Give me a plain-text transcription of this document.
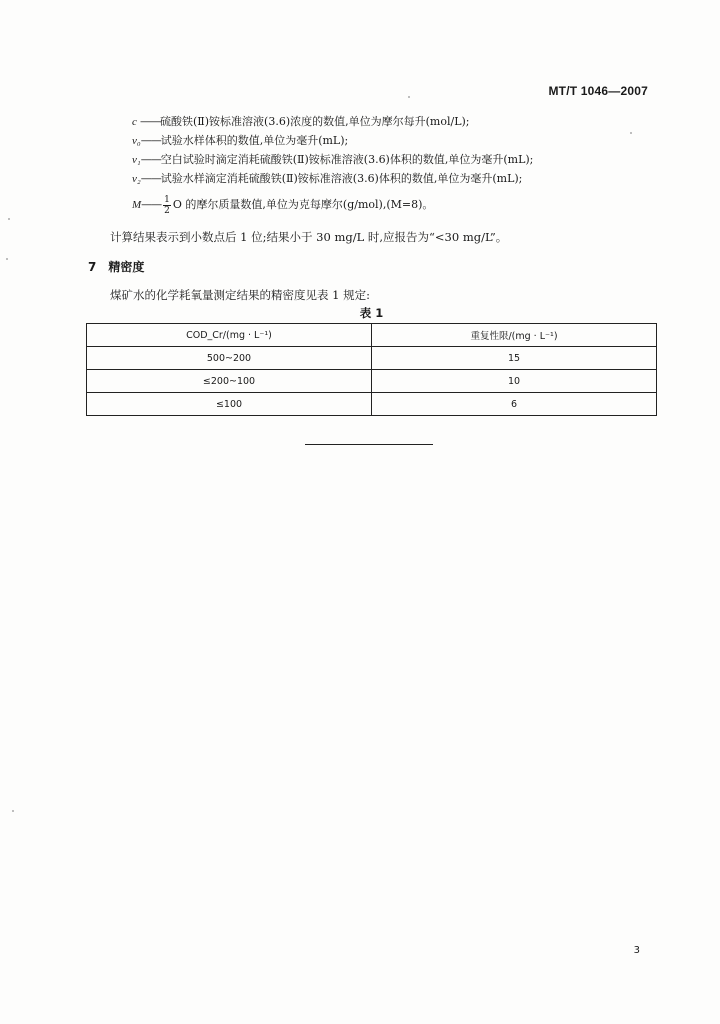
MT/T 1046—2007
c ——硫酸铁(Ⅱ)铵标准溶液(3.6)浓度的数值,单位为摩尔每升(mol/L);
v₀——试验水样体积的数值,单位为毫升(mL);
v₁——空白试验时滴定消耗硫酸铁(Ⅱ)铵标准溶液(3.6)体积的数值,单位为毫升(mL);
v₂——试验水样滴定消耗硫酸铁(Ⅱ)铵标准溶液(3.6)体积的数值,单位为毫升(mL);
M—— $\frac{1}{2}$ O 的摩尔质量数值,单位为克每摩尔(g/mol),(M=8)。
计算结果表示到小数点后 1 位;结果小于 30 mg/L 时,应报告为“<30 mg/L”。
7 精密度
煤矿水的化学耗氧量测定结果的精密度见表 1 规定:
表 1
COD_Cr/(mg · L⁻¹)	重复性限/(mg · L⁻¹)
500~200	15
≤200~100	10
≤100	6
3
